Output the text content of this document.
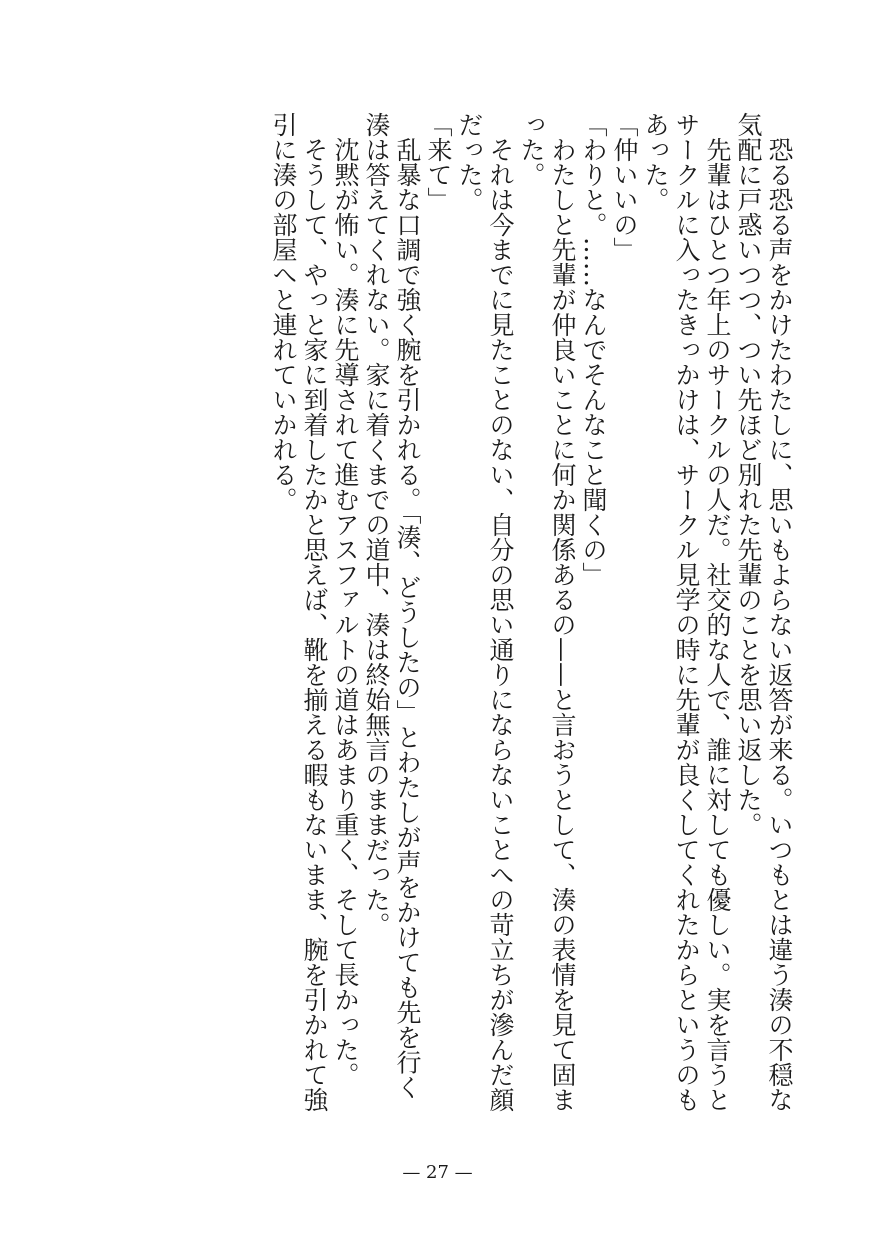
恐る恐る声をかけたわたしに、思いもよらない返答が来る。いつもとは違う湊の不穏な気配に戸惑いつつ、つい先ほど別れた先輩のことを思い返した。

先輩はひとつ年上のサークルの人だ。社交的な人で、誰に対しても優しい。実を言うとサークルに入ったきっかけは、サークル見学の時に先輩が良くしてくれたからというのもあった。

「仲いいの」

「わりと。……なんでそんなこと聞くの」

わたしと先輩が仲良いことに何か関係あるの——と言おうとして、湊の表情を見て固まった。

それは今までに見たことのない、自分の思い通りにならないことへの苛立ちが滲んだ顔だった。

「来て」

乱暴な口調で強く腕を引かれる。「湊、どうしたの」とわたしが声をかけても先を行く湊は答えてくれない。家に着くまでの道中、湊は終始無言のままだった。

沈黙が怖い。湊に先導されて進むアスファルトの道はあまり重く、そして長かった。

そうして、やっと家に到着したかと思えば、靴を揃える暇もないまま、腕を引かれて強引に湊の部屋へと連れていかれる。

— 27 —
